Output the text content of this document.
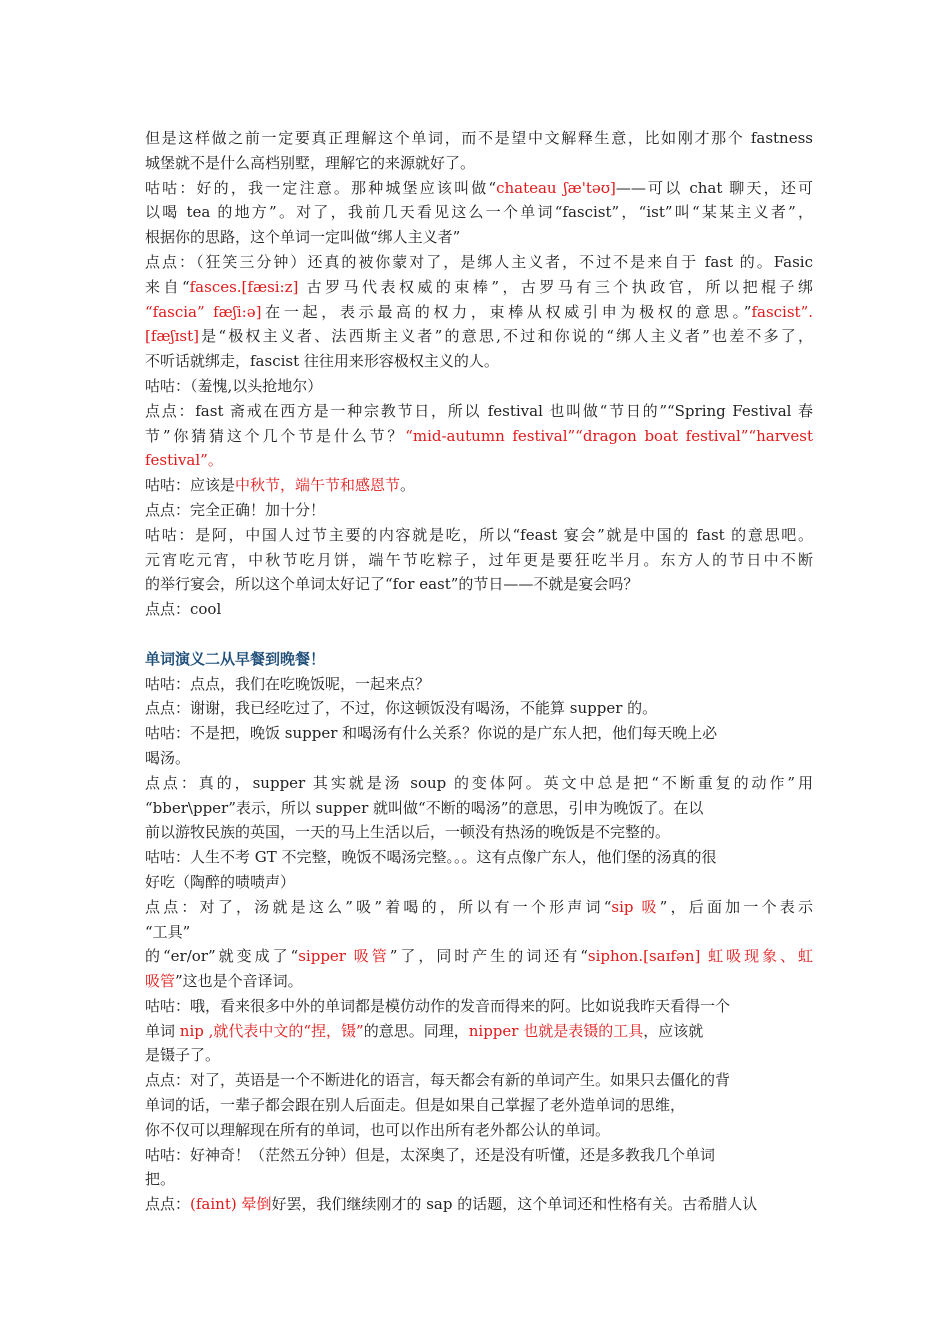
但是这样做之前一定要真正理解这个单词，而不是望中文解释生意，比如刚才那个 fastness
城堡就不是什么高档别墅，理解它的来源就好了。
咕咕：好的，我一定注意。那种城堡应该叫做“chateau ʃæ'təʊ]——可以 chat 聊天，还可
以喝 tea 的地方”。对了，我前几天看见这么一个单词“fascist”，“ist”叫“某某主义者”，
根据你的思路，这个单词一定叫做“绑人主义者”
点点：（狂笑三分钟）还真的被你蒙对了，是绑人主义者，不过不是来自于 fast 的。Fasic
来自“fasces.[fæsi:z] 古罗马代表权威的束棒”，古罗马有三个执政官，所以把棍子绑
“fascia” fæʃi:ə]在一起，表示最高的权力，束棒从权威引申为极权的意思。”fascist”.
[fæʃɪst]是“极权主义者、法西斯主义者”的意思,不过和你说的“绑人主义者”也差不多了，
不听话就绑走，fascist 往往用来形容极权主义的人。
咕咕：（羞愧,以头抢地尔）
点点：fast 斋戒在西方是一种宗教节日，所以 festival 也叫做“节日的”“Spring Festival 春
节”你猜猜这个几个节是什么节？“mid-autumn festival”“dragon boat festival”“harvest
festival”。
咕咕：应该是中秋节，端午节和感恩节。
点点：完全正确！加十分！
咕咕：是阿，中国人过节主要的内容就是吃，所以“feast 宴会”就是中国的 fast 的意思吧。
元宵吃元宵，中秋节吃月饼，端午节吃粽子，过年更是要狂吃半月。东方人的节日中不断
的举行宴会，所以这个单词太好记了“for east”的节日——不就是宴会吗？
点点：cool
单词演义二从早餐到晚餐！
咕咕：点点，我们在吃晚饭呢，一起来点？
点点：谢谢，我已经吃过了，不过，你这顿饭没有喝汤，不能算 supper 的。
咕咕：不是把，晚饭 supper 和喝汤有什么关系？你说的是广东人把，他们每天晚上必
喝汤。
点点：真的，supper 其实就是汤 soup 的变体阿。英文中总是把“不断重复的动作”用
“bber\pper”表示，所以 supper 就叫做“不断的喝汤”的意思，引申为晚饭了。在以
前以游牧民族的英国，一天的马上生活以后，一顿没有热汤的晚饭是不完整的。
咕咕：人生不考 GT 不完整，晚饭不喝汤完整。。。这有点像广东人，他们堡的汤真的很
好吃（陶醉的啧啧声）
点点：对了，汤就是这么”吸”着喝的，所以有一个形声词“sip 吸”，后面加一个表示
“工具”
的“er/or”就变成了“sipper 吸管”了，同时产生的词还有“siphon.[saɪfən] 虹吸现象、虹
吸管”这也是个音译词。
咕咕：哦，看来很多中外的单词都是模仿动作的发音而得来的阿。比如说我昨天看得一个
单词 nip ,就代表中文的“捏，镊”的意思。同理，nipper 也就是表镊的工具，应该就
是镊子了。
点点：对了，英语是一个不断进化的语言，每天都会有新的单词产生。如果只去僵化的背
单词的话，一辈子都会跟在别人后面走。但是如果自己掌握了老外造单词的思维，
你不仅可以理解现在所有的单词，也可以作出所有老外都公认的单词。
咕咕：好神奇！（茫然五分钟）但是，太深奥了，还是没有听懂，还是多教我几个单词
把。
点点：(faint) 晕倒好罢，我们继续刚才的 sap 的话题，这个单词还和性格有关。古希腊人认
